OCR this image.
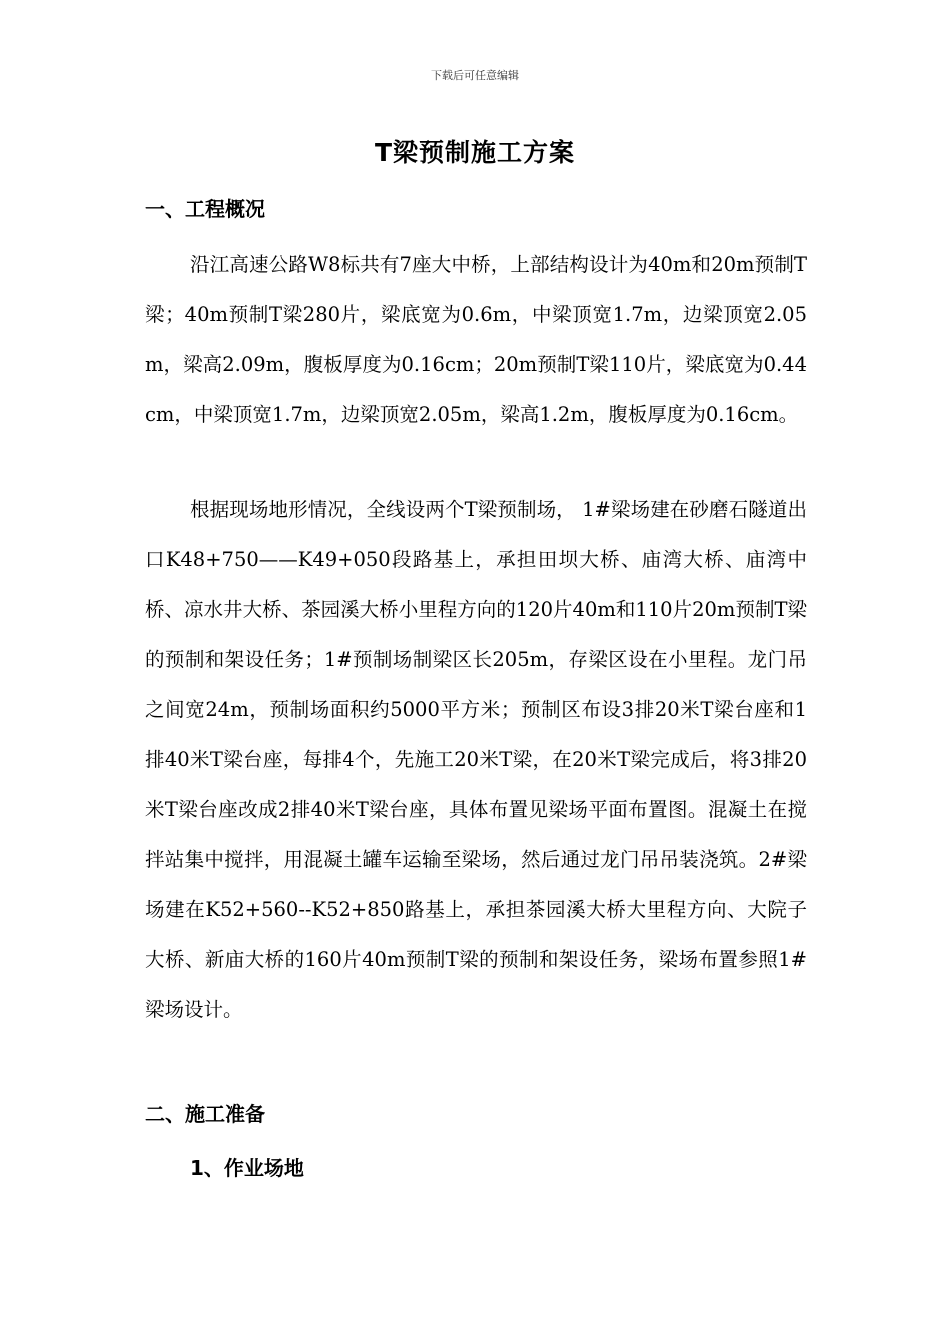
下载后可任意编辑
T梁预制施工方案
一、工程概况

沿江高速公路W8标共有7座大中桥，上部结构设计为40m和20m预制T梁；40m预制T梁280片，梁底宽为0.6m，中梁顶宽1.7m，边梁顶宽2.05m，梁高2.09m，腹板厚度为0.16cm；20m预制T梁110片，梁底宽为0.44cm，中梁顶宽1.7m，边梁顶宽2.05m，梁高1.2m，腹板厚度为0.16cm。

根据现场地形情况，全线设两个T梁预制场， 1#梁场建在砂磨石隧道出口K48+750——K49+050段路基上，承担田坝大桥、庙湾大桥、庙湾中桥、凉水井大桥、茶园溪大桥小里程方向的120片40m和110片20m预制T梁的预制和架设任务；1#预制场制梁区长205m，存梁区设在小里程。龙门吊之间宽24m，预制场面积约5000平方米；预制区布设3排20米T梁台座和1排40米T梁台座，每排4个，先施工20米T梁，在20米T梁完成后，将3排20米T梁台座改成2排40米T梁台座，具体布置见梁场平面布置图。混凝土在搅拌站集中搅拌，用混凝土罐车运输至梁场，然后通过龙门吊吊装浇筑。2#梁场建在K52+560--K52+850路基上，承担茶园溪大桥大里程方向、大院子大桥、新庙大桥的160片40m预制T梁的预制和架设任务，梁场布置参照1#梁场设计。

二、施工准备
1、作业场地
